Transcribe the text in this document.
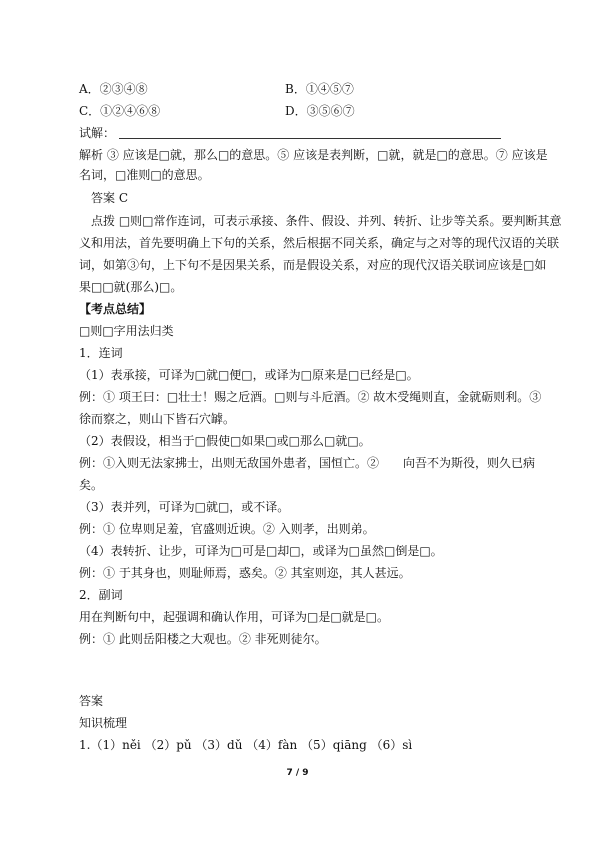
A．②③④⑧	B．①④⑤⑦
C．①②④⑥⑧	D．③⑤⑥⑦
试解：
解析 ③ 应该是□就，那么□的意思。⑤ 应该是表判断，□就，就是□的意思。⑦ 应该是
名词，□准则□的意思。
答案 C
点拨 □则□常作连词，可表示承接、条件、假设、并列、转折、让步等关系。要判断其意
义和用法，首先要明确上下句的关系，然后根据不同关系，确定与之对等的现代汉语的关联
词，如第③句，上下句不是因果关系，而是假设关系，对应的现代汉语关联词应该是□如
果□□就(那么)□。
【考点总结】
□则□字用法归类
1．连词
（1）表承接，可译为□就□便□，或译为□原来是□已经是□。
例：① 项王曰：□壮士！赐之卮酒。□则与斗卮酒。② 故木受绳则直，金就砺则利。③
徐而察之，则山下皆石穴罅。
（2）表假设，相当于□假使□如果□或□那么□就□。
例：①入则无法家拂士，出则无敌国外患者，国恒亡。②　　向吾不为斯役，则久已病
矣。
（3）表并列，可译为□就□，或不译。
例：① 位卑则足羞，官盛则近谀。② 入则孝，出则弟。
（4）表转折、让步，可译为□可是□却□，或译为□虽然□倒是□。
例：① 于其身也，则耻师焉，惑矣。② 其室则迩，其人甚远。
2．副词
用在判断句中，起强调和确认作用，可译为□是□就是□。
例：① 此则岳阳楼之大观也。② 非死则徒尔。
答案
知识梳理
1.（1）něi （2）pǔ （3）dǔ （4）fàn （5）qiāng （6）sì
7 / 9
